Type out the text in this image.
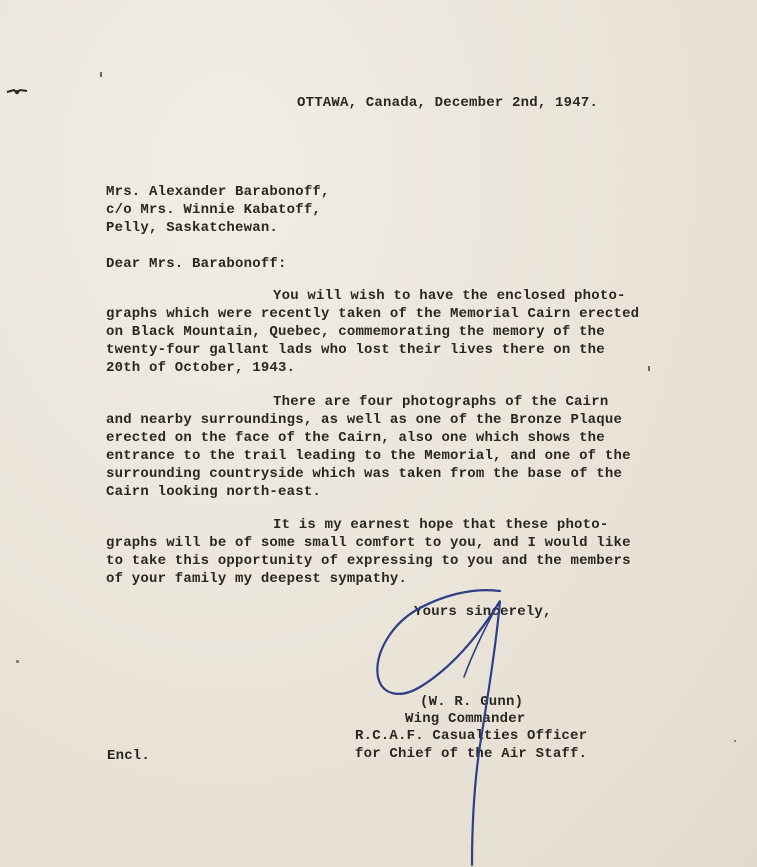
OTTAWA, Canada, December 2nd, 1947.
Mrs. Alexander Barabonoff,
c/o Mrs. Winnie Kabatoff,
Pelly, Saskatchewan.
Dear Mrs. Barabonoff:
You will wish to have the enclosed photo-
graphs which were recently taken of the Memorial Cairn erected
on Black Mountain, Quebec, commemorating the memory of the
twenty-four gallant lads who lost their lives there on the
20th of October, 1943.
There are four photographs of the Cairn
and nearby surroundings, as well as one of the Bronze Plaque
erected on the face of the Cairn, also one which shows the
entrance to the trail leading to the Memorial, and one of the
surrounding countryside which was taken from the base of the
Cairn looking north-east.
It is my earnest hope that these photo-
graphs will be of some small comfort to you, and I would like
to take this opportunity of expressing to you and the members
of your family my deepest sympathy.
Yours sincerely,
(W. R. Gunn)
Wing Commander
R.C.A.F. Casualties Officer
for Chief of the Air Staff.
Encl.
